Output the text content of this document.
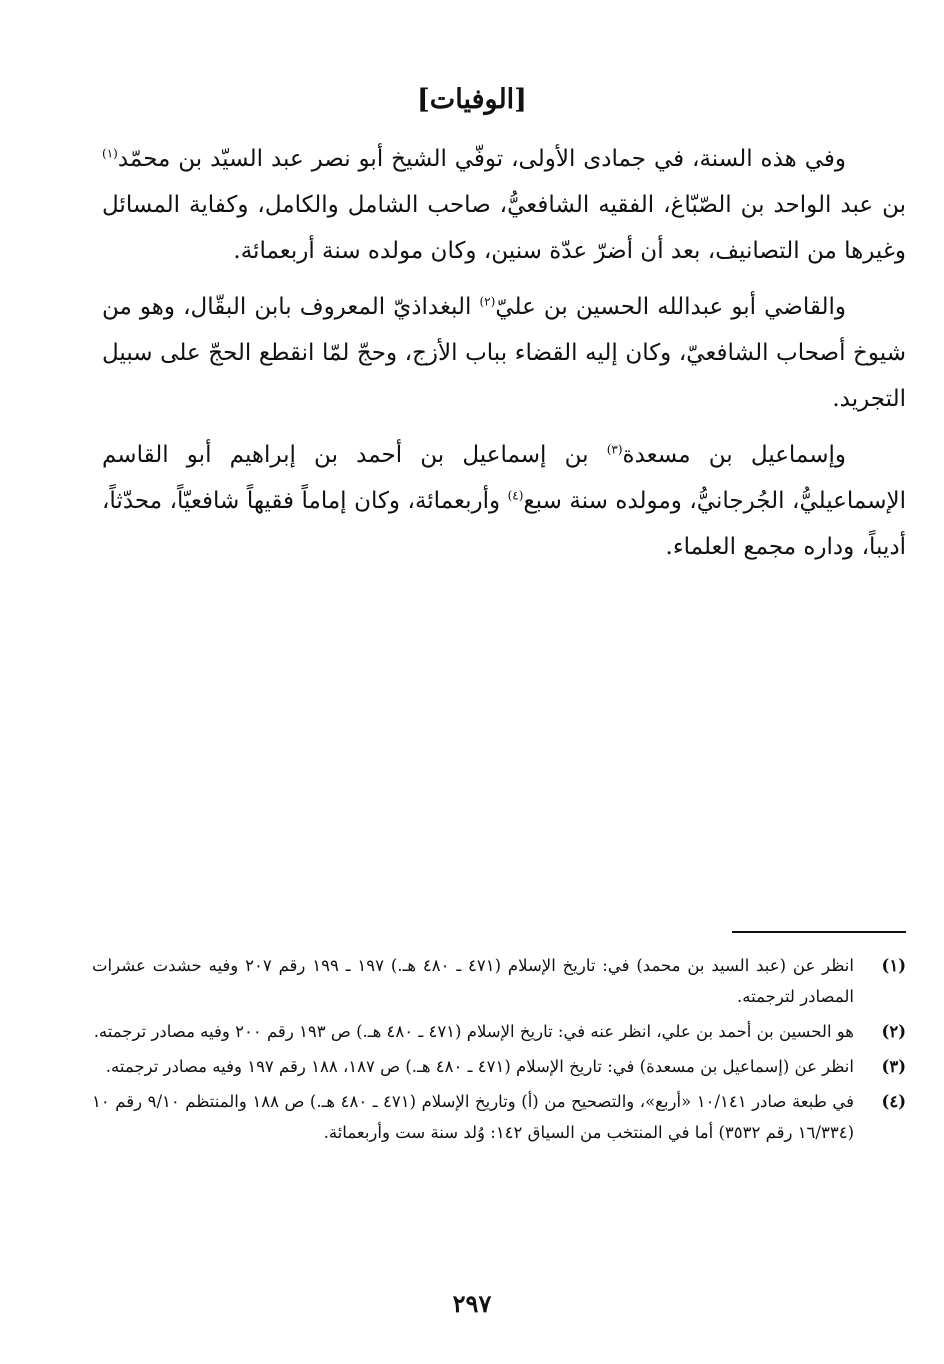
[الوفيات]

وفي هذه السنة، في جمادى الأولى، توفّي الشيخ أبو نصر عبد السيّد بن محمّد$^{(١)}$ بن عبد الواحد بن الصّبّاغ، الفقيه الشافعيُّ، صاحب الشامل والكامل، وكفاية المسائل وغيرها من التصانيف، بعد أن أضرّ عدّة سنين، وكان مولده سنة أربعمائة.

والقاضي أبو عبدالله الحسين بن عليّ$^{(٢)}$ البغداذيّ المعروف بابن البقّال، وهو من شيوخ أصحاب الشافعيّ، وكان إليه القضاء بباب الأزج، وحجّ لمّا انقطع الحجّ على سبيل التجريد.

وإسماعيل بن مسعدة$^{(٣)}$ بن إسماعيل بن أحمد بن إبراهيم أبو القاسم الإسماعيليُّ، الجُرجانيُّ، ومولده سنة سبع$^{(٤)}$ وأربعمائة، وكان إماماً فقيهاً شافعيّاً، محدّثاً، أديباً، وداره مجمع العلماء.

(١)
انظر عن (عبد السيد بن محمد) في: تاريخ الإسلام (٤٧١ ـ ٤٨٠ هـ.) ١٩٧ ـ ١٩٩ رقم ٢٠٧ وفيه حشدت عشرات المصادر لترجمته.
(٢)
هو الحسين بن أحمد بن علي، انظر عنه في: تاريخ الإسلام (٤٧١ ـ ٤٨٠ هـ.) ص ١٩٣ رقم ٢٠٠ وفيه مصادر ترجمته.
(٣)
انظر عن (إسماعيل بن مسعدة) في: تاريخ الإسلام (٤٧١ ـ ٤٨٠ هـ.) ص ١٨٧، ١٨٨ رقم ١٩٧ وفيه مصادر ترجمته.
(٤)
في طبعة صادر ١٠/١٤١ «أربع»، والتصحيح من (أ) وتاريخ الإسلام (٤٧١ ـ ٤٨٠ هـ.) ص ١٨٨ والمنتظم ٩/١٠ رقم ١٠ (١٦/٣٣٤ رقم ٣٥٣٢) أما في المنتخب من السياق ١٤٢: وُلد سنة ست وأربعمائة.
٢٩٧
